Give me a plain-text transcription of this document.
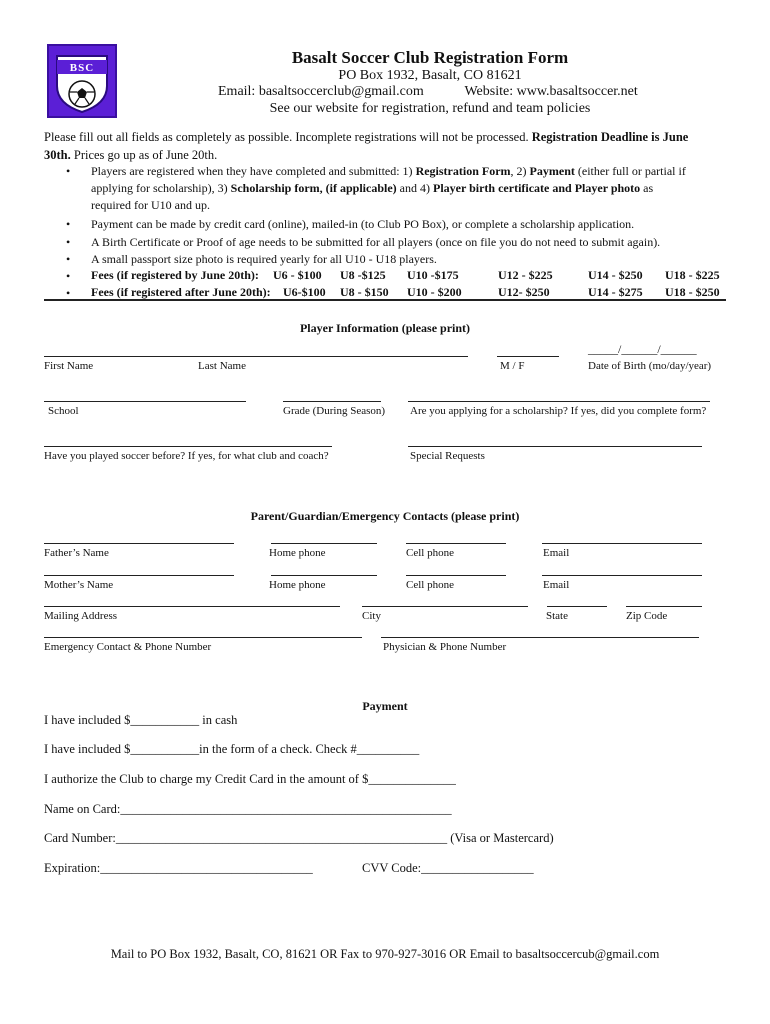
BSC
Basalt Soccer Club Registration Form
PO Box 1932, Basalt, CO 81621
Email: basaltsoccerclub@gmail.com	Website: www.basaltsoccer.net
See our website for registration, refund and team policies
Please fill out all fields as completely as possible. Incomplete registrations will not be processed. Registration Deadline is June
30th. Prices go up as of June 20th.
• Players are registered when they have completed and submitted: 1) Registration Form, 2) Payment (either full or partial if
applying for scholarship), 3) Scholarship form, (if applicable) and 4) Player birth certificate and Player photo as
required for U10 and up.
• Payment can be made by credit card (online), mailed-in (to Club PO Box), or complete a scholarship application.
• A Birth Certificate or Proof of age needs to be submitted for all players (once on file you do not need to submit again).
• A small passport size photo is required yearly for all U10 - U18 players.
• Fees (if registered by June 20th): U6 - $100 U8 -$125 U10 -$175	U12 - $225	U14 - $250 U18 - $225
• Fees (if registered after June 20th): U6-$100 U8 - $150 U10 - $200	U12- $250	U14 - $275 U18 - $250
Player Information (please print)
First Name	Last Name	M / F
_____/______/______
Date of Birth (mo/day/year)
School	Grade (During Season) Are you applying for a scholarship? If yes, did you complete form?
Have you played soccer before? If yes, for what club and coach?	Special Requests
Parent/Guardian/Emergency Contacts (please print)
Father’s Name	Home phone	Cell phone	Email
Mother’s Name	Home phone	Cell phone	Email
Mailing Address	City	State	Zip Code
Emergency Contact & Phone Number	Physician & Phone Number
Payment
I have included $___________ in cash
I have included $___________in the form of a check. Check #__________
I authorize the Club to charge my Credit Card in the amount of $______________
Name on Card:_____________________________________________________
Card Number:_____________________________________________________ (Visa or Mastercard)
Expiration:__________________________________	CVV Code:__________________
Mail to PO Box 1932, Basalt, CO, 81621 OR Fax to 970-927-3016 OR Email to basaltsoccercub@gmail.com
